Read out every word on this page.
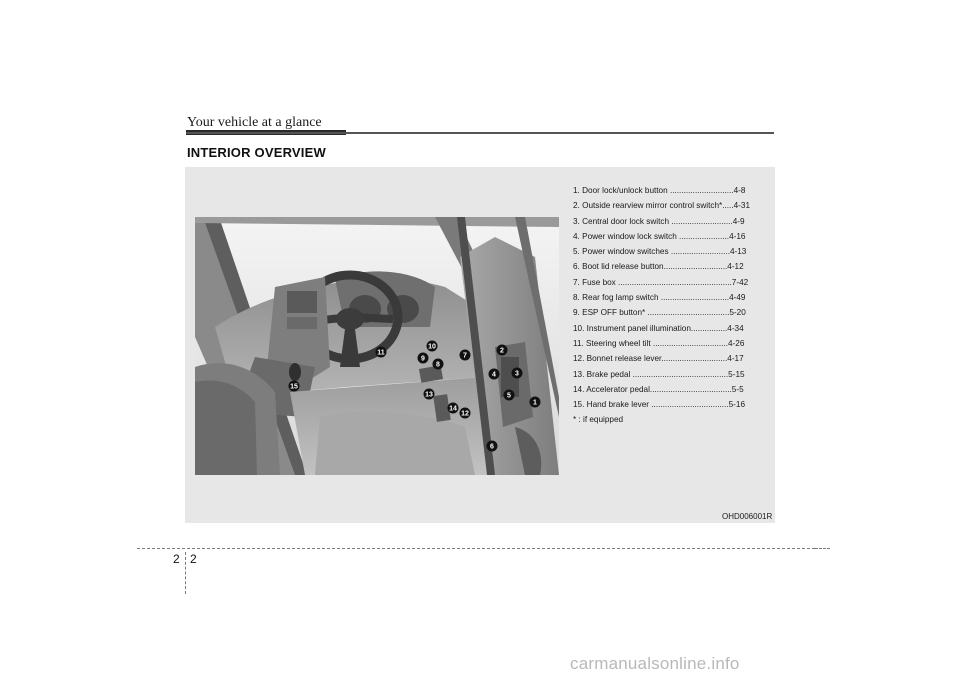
Your vehicle at a glance
INTERIOR OVERVIEW
1
2
3
4
5
6
7
8
9
10
11
12
13
14
15
1. Door lock/unlock button ............................4-8
2. Outside rearview mirror control switch*.....4-31
3. Central door lock switch ...........................4-9
4. Power window lock switch ......................4-16
5. Power window switches ..........................4-13
6. Boot lid release button............................4-12
7. Fuse box ..................................................7-42
8. Rear fog lamp switch ..............................4-49
9. ESP OFF button* ....................................5-20
10. Instrument panel illumination................4-34
11. Steering wheel tilt .................................4-26
12. Bonnet release lever.............................4-17
13. Brake pedal ..........................................5-15
14. Accelerator pedal....................................5-5
15. Hand brake lever ..................................5-16
* : if equipped
OHD006001R
2 2
carmanualsonline.info
